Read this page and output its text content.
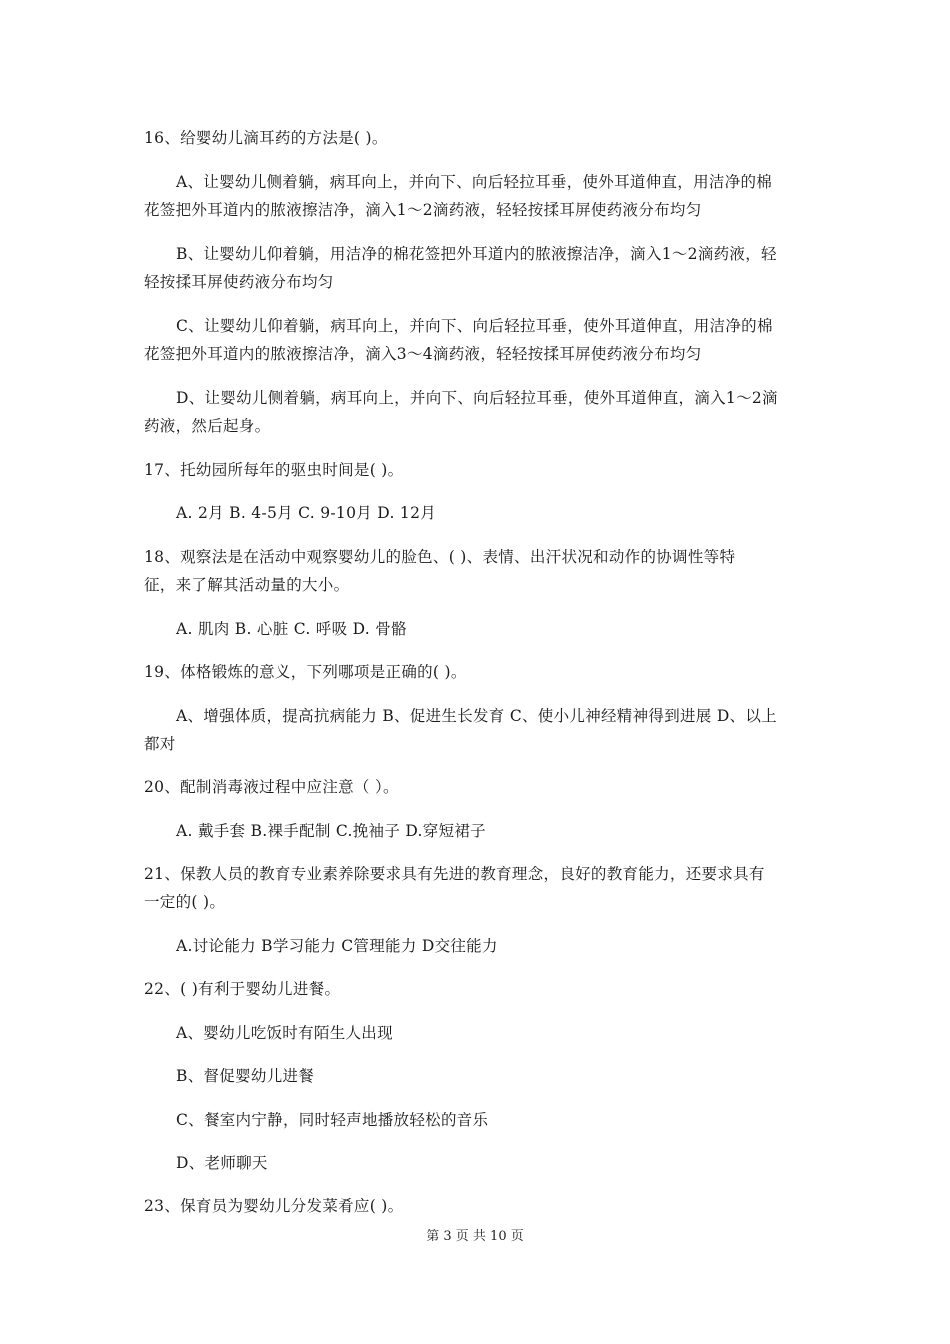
16、给婴幼儿滴耳药的方法是( )。
A、让婴幼儿侧着躺，病耳向上，并向下、向后轻拉耳垂，使外耳道伸直，用洁净的棉
花签把外耳道内的脓液擦洁净，滴入1～2滴药液，轻轻按揉耳屏使药液分布均匀
B、让婴幼儿仰着躺，用洁净的棉花签把外耳道内的脓液擦洁净，滴入1～2滴药液，轻
轻按揉耳屏使药液分布均匀
C、让婴幼儿仰着躺，病耳向上，并向下、向后轻拉耳垂，使外耳道伸直，用洁净的棉
花签把外耳道内的脓液擦洁净，滴入3～4滴药液，轻轻按揉耳屏使药液分布均匀
D、让婴幼儿侧着躺，病耳向上，并向下、向后轻拉耳垂，使外耳道伸直，滴入1～2滴
药液，然后起身。
17、托幼园所每年的驱虫时间是( )。
A. 2月 B. 4-5月 C. 9-10月 D. 12月
18、观察法是在活动中观察婴幼儿的脸色、( )、表情、出汗状况和动作的协调性等特
征，来了解其活动量的大小。
A. 肌肉 B. 心脏 C. 呼吸 D. 骨骼
19、体格锻炼的意义，下列哪项是正确的( )。
A、增强体质，提高抗病能力 B、促进生长发育 C、使小儿神经精神得到进展 D、以上
都对
20、配制消毒液过程中应注意（ ）。
A. 戴手套 B.裸手配制 C.挽袖子 D.穿短裙子
21、保教人员的教育专业素养除要求具有先进的教育理念，良好的教育能力，还要求具有
一定的( )。
A.讨论能力 B学习能力 C管理能力 D交往能力
22、( )有利于婴幼儿进餐。
A、婴幼儿吃饭时有陌生人出现
B、督促婴幼儿进餐
C、餐室内宁静，同时轻声地播放轻松的音乐
D、老师聊天
23、保育员为婴幼儿分发菜肴应( )。
第 3 页 共 10 页
